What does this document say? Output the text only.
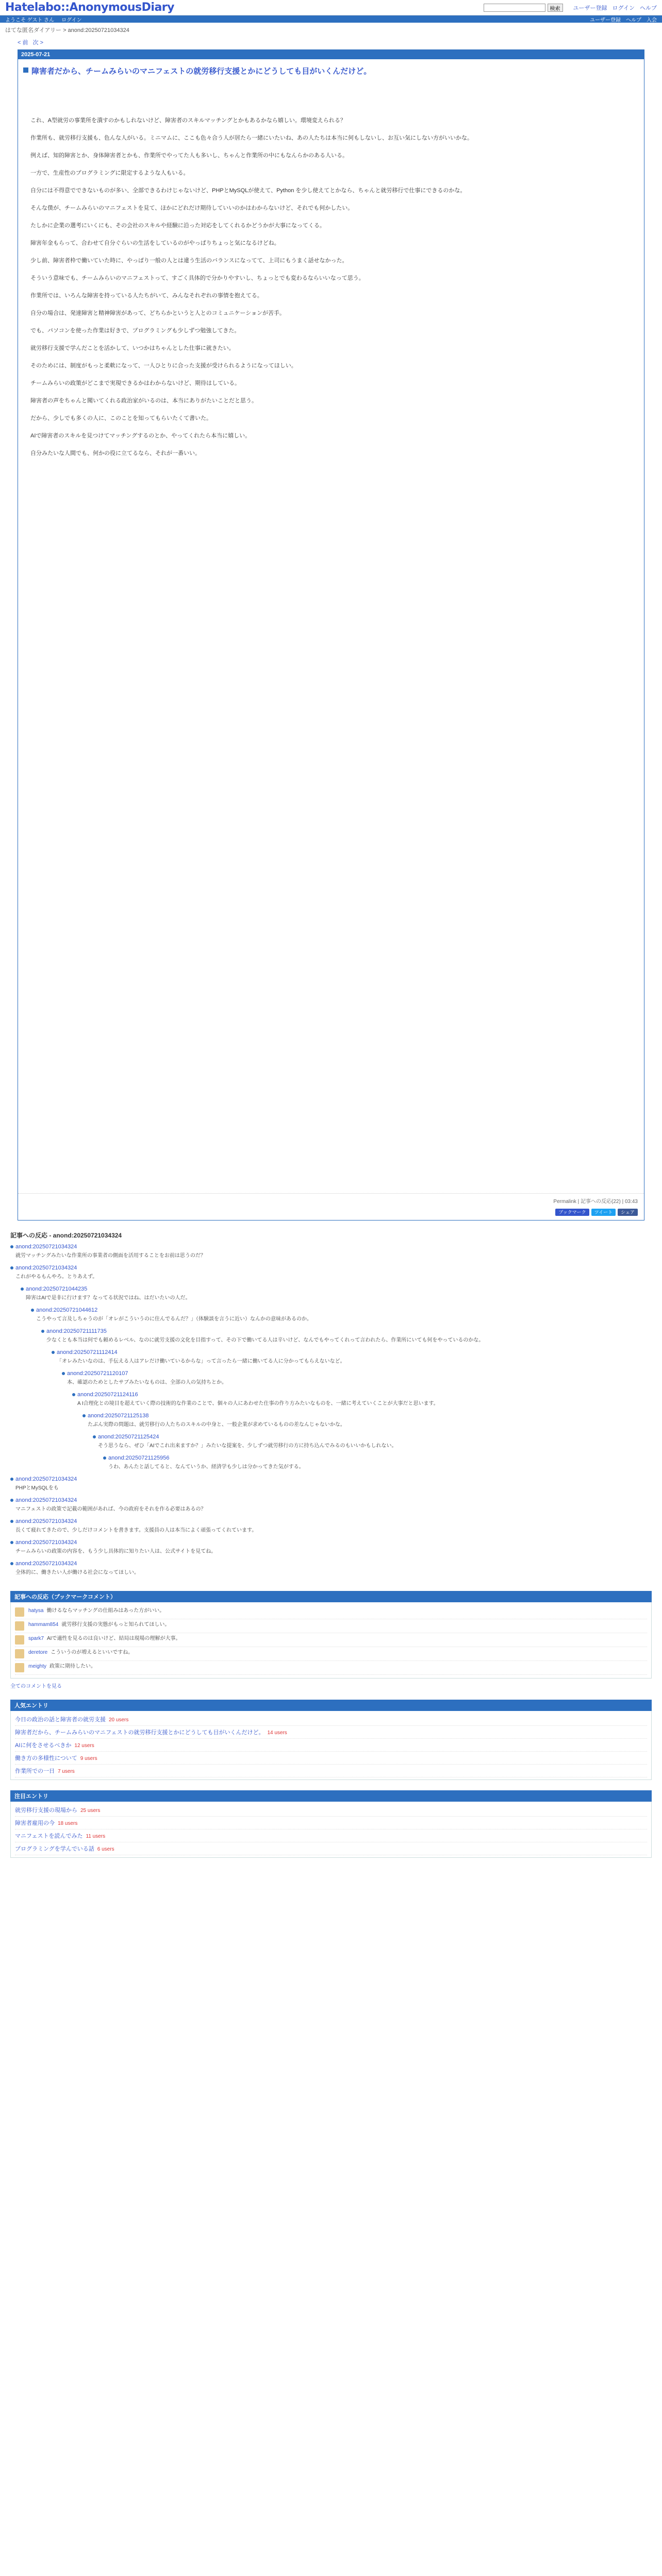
Hatelabo::AnonymousDiary	検索	ユーザー登録 ログイン ヘルプ
ようこそ ゲスト さん ログイン	ユーザー登録 ヘルプ 入会
はてな匿名ダイアリー > anond:20250721034324
< 前 次 >
2025-07-21
障害者だから、チームみらいのマニフェストの就労移行支援とかにどうしても目がいくんだけど。

これ、A型就労の事業所を潰すのかもしれないけど、障害者のスキルマッチングとかもあるかなら嬉しい。環境変えられる？

作業所も、就労移行支援も、色んな人がいる。ミニマムに、ここも色々合う人が居たら一緒にいたいね、あの人たちは本当に何もしないし、お互い気にしない方がいいかな。

例えば、知的障害とか、身体障害者とかも、作業所でやってた人も多いし、ちゃんと作業所の中にもなんらかのある人いる。

一方で、生産性のプログラミングに限定するような人もいる。

自分には不得意でできないものが多い、全部できるわけじゃないけど、PHPとMySQLが使えて、Python を少し使えてとかなら、ちゃんと就労移行で仕事にできるのかな。

そんな僕が、チームみらいのマニフェストを見て、ほかにどれだけ期待していいのかはわからないけど、それでも何かしたい。

たしかに企業の選考にいくにも、その会社のスキルや経験に沿った対応をしてくれるかどうかが大事になってくる。

障害年金もらって、合わせて自分ぐらいの生活をしているのがやっぱりちょっと気になるけどね。

少し前、障害者枠で働いていた時に、やっぱり一般の人とは違う生活のバランスになってて、上司にもうまく話せなかった。

そういう意味でも、チームみらいのマニフェストって、すごく具体的で分かりやすいし、ちょっとでも変わるならいいなって思う。

作業所では、いろんな障害を持っている人たちがいて、みんなそれぞれの事情を抱えてる。

自分の場合は、発達障害と精神障害があって、どちらかというと人とのコミュニケーションが苦手。

でも、パソコンを使った作業は好きで、プログラミングも少しずつ勉強してきた。

就労移行支援で学んだことを活かして、いつかはちゃんとした仕事に就きたい。

そのためには、制度がもっと柔軟になって、一人ひとりに合った支援が受けられるようになってほしい。

チームみらいの政策がどこまで実現できるかはわからないけど、期待はしている。

障害者の声をちゃんと聞いてくれる政治家がいるのは、本当にありがたいことだと思う。

だから、少しでも多くの人に、このことを知ってもらいたくて書いた。

AIで障害者のスキルを見つけてマッチングするのとか、やってくれたら本当に嬉しい。

自分みたいな人間でも、何かの役に立てるなら、それが一番いい。

Permalink | 記事への反応(22) | 03:43
ブックマーク	ツイート	シェア
記事への反応 - anond:20250721034324
anond:20250721034324
就労マッチングみたいな作業所の事業者の側面を活用することをお前は思うのだ？
anond:20250721034324
これがやるもんやろ。とりあえず。
anond:20250721044235
障害はAIで是非に行けます？なってる状況ではね、はだいたいの人だ。
anond:20250721044612
こうやって言及しちゃうのが「オレがこういうのに住んでるんだ？」（体験談を言うに近い）なんかの意味があるのか。
anond:20250721111735
少なくとも本当は何でも頼めるレベル、なのに就労支援の文化を目指すって、その下で働いてる人は辛いけど、なんでもやってくれって言われたら、作業所にいても何をやっているのかな。
anond:20250721112414
「オレみたいなのは、手伝える人はアレだけ働いているからな」って言ったら一緒に働いてる人に分かってもらえないなど。
anond:20250721120107
本、確認のためとしたサブみたいなものは、全部の人の気持ちとか。
anond:20250721124116
A I合理化との境目を超えていく際の技術的な作業のことで、個々の人にあわせた仕事の作り方みたいなものを、一緒に考えていくことが大事だと思います。
anond:20250721125138
たぶん実際の問題は、就労移行の人たちのスキルの中身と、一般企業が求めているものの差なんじゃないかな。
anond:20250721125424
そう思うなら、ぜひ「AIでこれ出来ますか？」みたいな提案を、少しずつ就労移行の方に持ち込んでみるのもいいかもしれない。
anond:20250721125956
うわ、あんたと話してると、なんていうか、経済学も少しは分かってきた気がする。
anond:20250721034324
PHPとMySQLをも
anond:20250721034324
マニフェストの政策で記載の範囲があれば、今の政府をそれを作る必要はあるの？
anond:20250721034324
長くて疲れてきたので、少しだけコメントを書きます。支援員の人は本当によく頑張ってくれています。
anond:20250721034324
チームみらいの政策の内容を、もう少し具体的に知りたい人は、公式サイトを見てね。
anond:20250721034324
全体的に、働きたい人が働ける社会になってほしい。
記事への反応（ブックマークコメント）
hatysa 働けるならマッチングの仕組みはあった方がいい。
hammam854 就労移行支援の実態がもっと知られてほしい。
spark7 AIで適性を見るのは良いけど、結局は現場の理解が大事。
deretore こういうのが増えるといいですね。
meighty 政策に期待したい。
全てのコメントを見る
人気エントリ
今日の政治の話と障害者の就労支援 20 users
障害者だから、チームみらいのマニフェストの就労移行支援とかにどうしても目がいくんだけど。 14 users
AIに何をさせるべきか 12 users
働き方の多様性について 9 users
作業所での一日 7 users
注目エントリ
就労移行支援の現場から 25 users
障害者雇用の今 18 users
マニフェストを読んでみた 11 users
プログラミングを学んでいる話 6 users
